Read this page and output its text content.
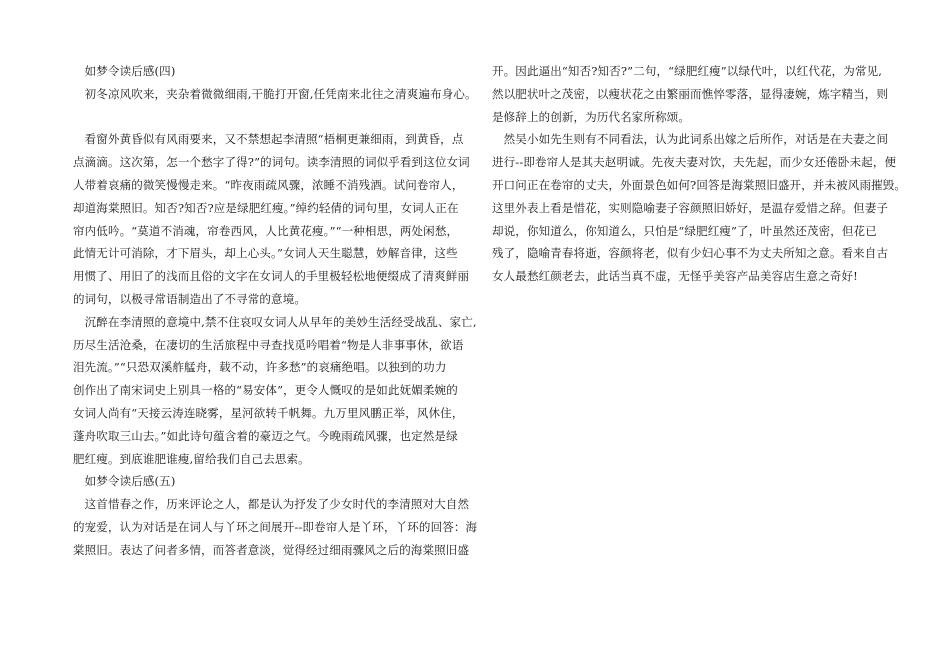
　如梦令读后感(四)
　初冬凉风吹来，夹杂着微微细雨,干脆打开窗,任凭南来北往之清爽遍布身心。
　看窗外黄昏似有风雨要来，又不禁想起李清照“梧桐更兼细雨，到黄昏，点
点滴滴。这次第，怎一个愁字了得?”的词句。读李清照的词似乎看到这位女词
人带着哀痛的微笑慢慢走来。“昨夜雨疏风骤，浓睡不消残酒。试问卷帘人，
却道海棠照旧。知否?知否?应是绿肥红瘦。”绰约轻倩的词句里，女词人正在
帘内低吟。“莫道不消魂，帘卷西风，人比黄花瘦。”“一种相思，两处闲愁，
此情无计可消除，才下眉头，却上心头。”女词人天生聪慧，妙解音律，这些
用惯了、用旧了的浅而且俗的文字在女词人的手里极轻松地便缀成了清爽鲜丽
的词句，以极寻常语制造出了不寻常的意境。
　沉醉在李清照的意境中,禁不住哀叹女词人从早年的美妙生活经受战乱、家亡,
历尽生活沧桑，在凄切的生活旅程中寻查找觅吟唱着“物是人非事事休，欲语
泪先流。”“只恐双溪舴艋舟，载不动，许多愁”的哀痛绝唱。以独到的功力
创作出了南宋词史上别具一格的“易安体”，更令人慨叹的是如此妩媚柔婉的
女词人尚有“天接云涛连晓雾，星河欲转千帆舞。九万里风鹏正举，风休住，
蓬舟吹取三山去。”如此诗句蕴含着的豪迈之气。今晚雨疏风骤，也定然是绿
肥红瘦。到底谁肥谁瘦,留给我们自己去思索。
　如梦令读后感(五)
　这首惜春之作，历来评论之人，都是认为抒发了少女时代的李清照对大自然
的宠爱，认为对话是在词人与丫环之间展开--即卷帘人是丫环，丫环的回答：海
棠照旧。表达了问者多情，而答者意淡，觉得经过细雨骤风之后的海棠照旧盛
开。因此逼出“知否?知否?”二句，“绿肥红瘦”以绿代叶，以红代花，为常见,
然以肥状叶之茂密，以瘦状花之由繁丽而憔悴零落，显得凄婉，炼字精当，则
是修辞上的创新，为历代名家所称颂。
　然吴小如先生则有不同看法，认为此词系出嫁之后所作，对话是在夫妻之间
进行--即卷帘人是其夫赵明诚。先夜夫妻对饮，夫先起，而少女还倦卧未起，便
开口问正在卷帘的丈夫，外面景色如何?回答是海棠照旧盛开，并未被风雨摧毁。
这里外表上看是惜花，实则隐喻妻子容颜照旧娇好，是温存爱惜之辞。但妻子
却说，你知道么，你知道么，只怕是“绿肥红瘦”了，叶虽然还茂密，但花已
残了，隐喻青春将逝，容颜将老，似有少妇心事不为丈夫所知之意。看来自古
女人最愁红颜老去，此话当真不虚，无怪乎美容产品美容店生意之奇好!
